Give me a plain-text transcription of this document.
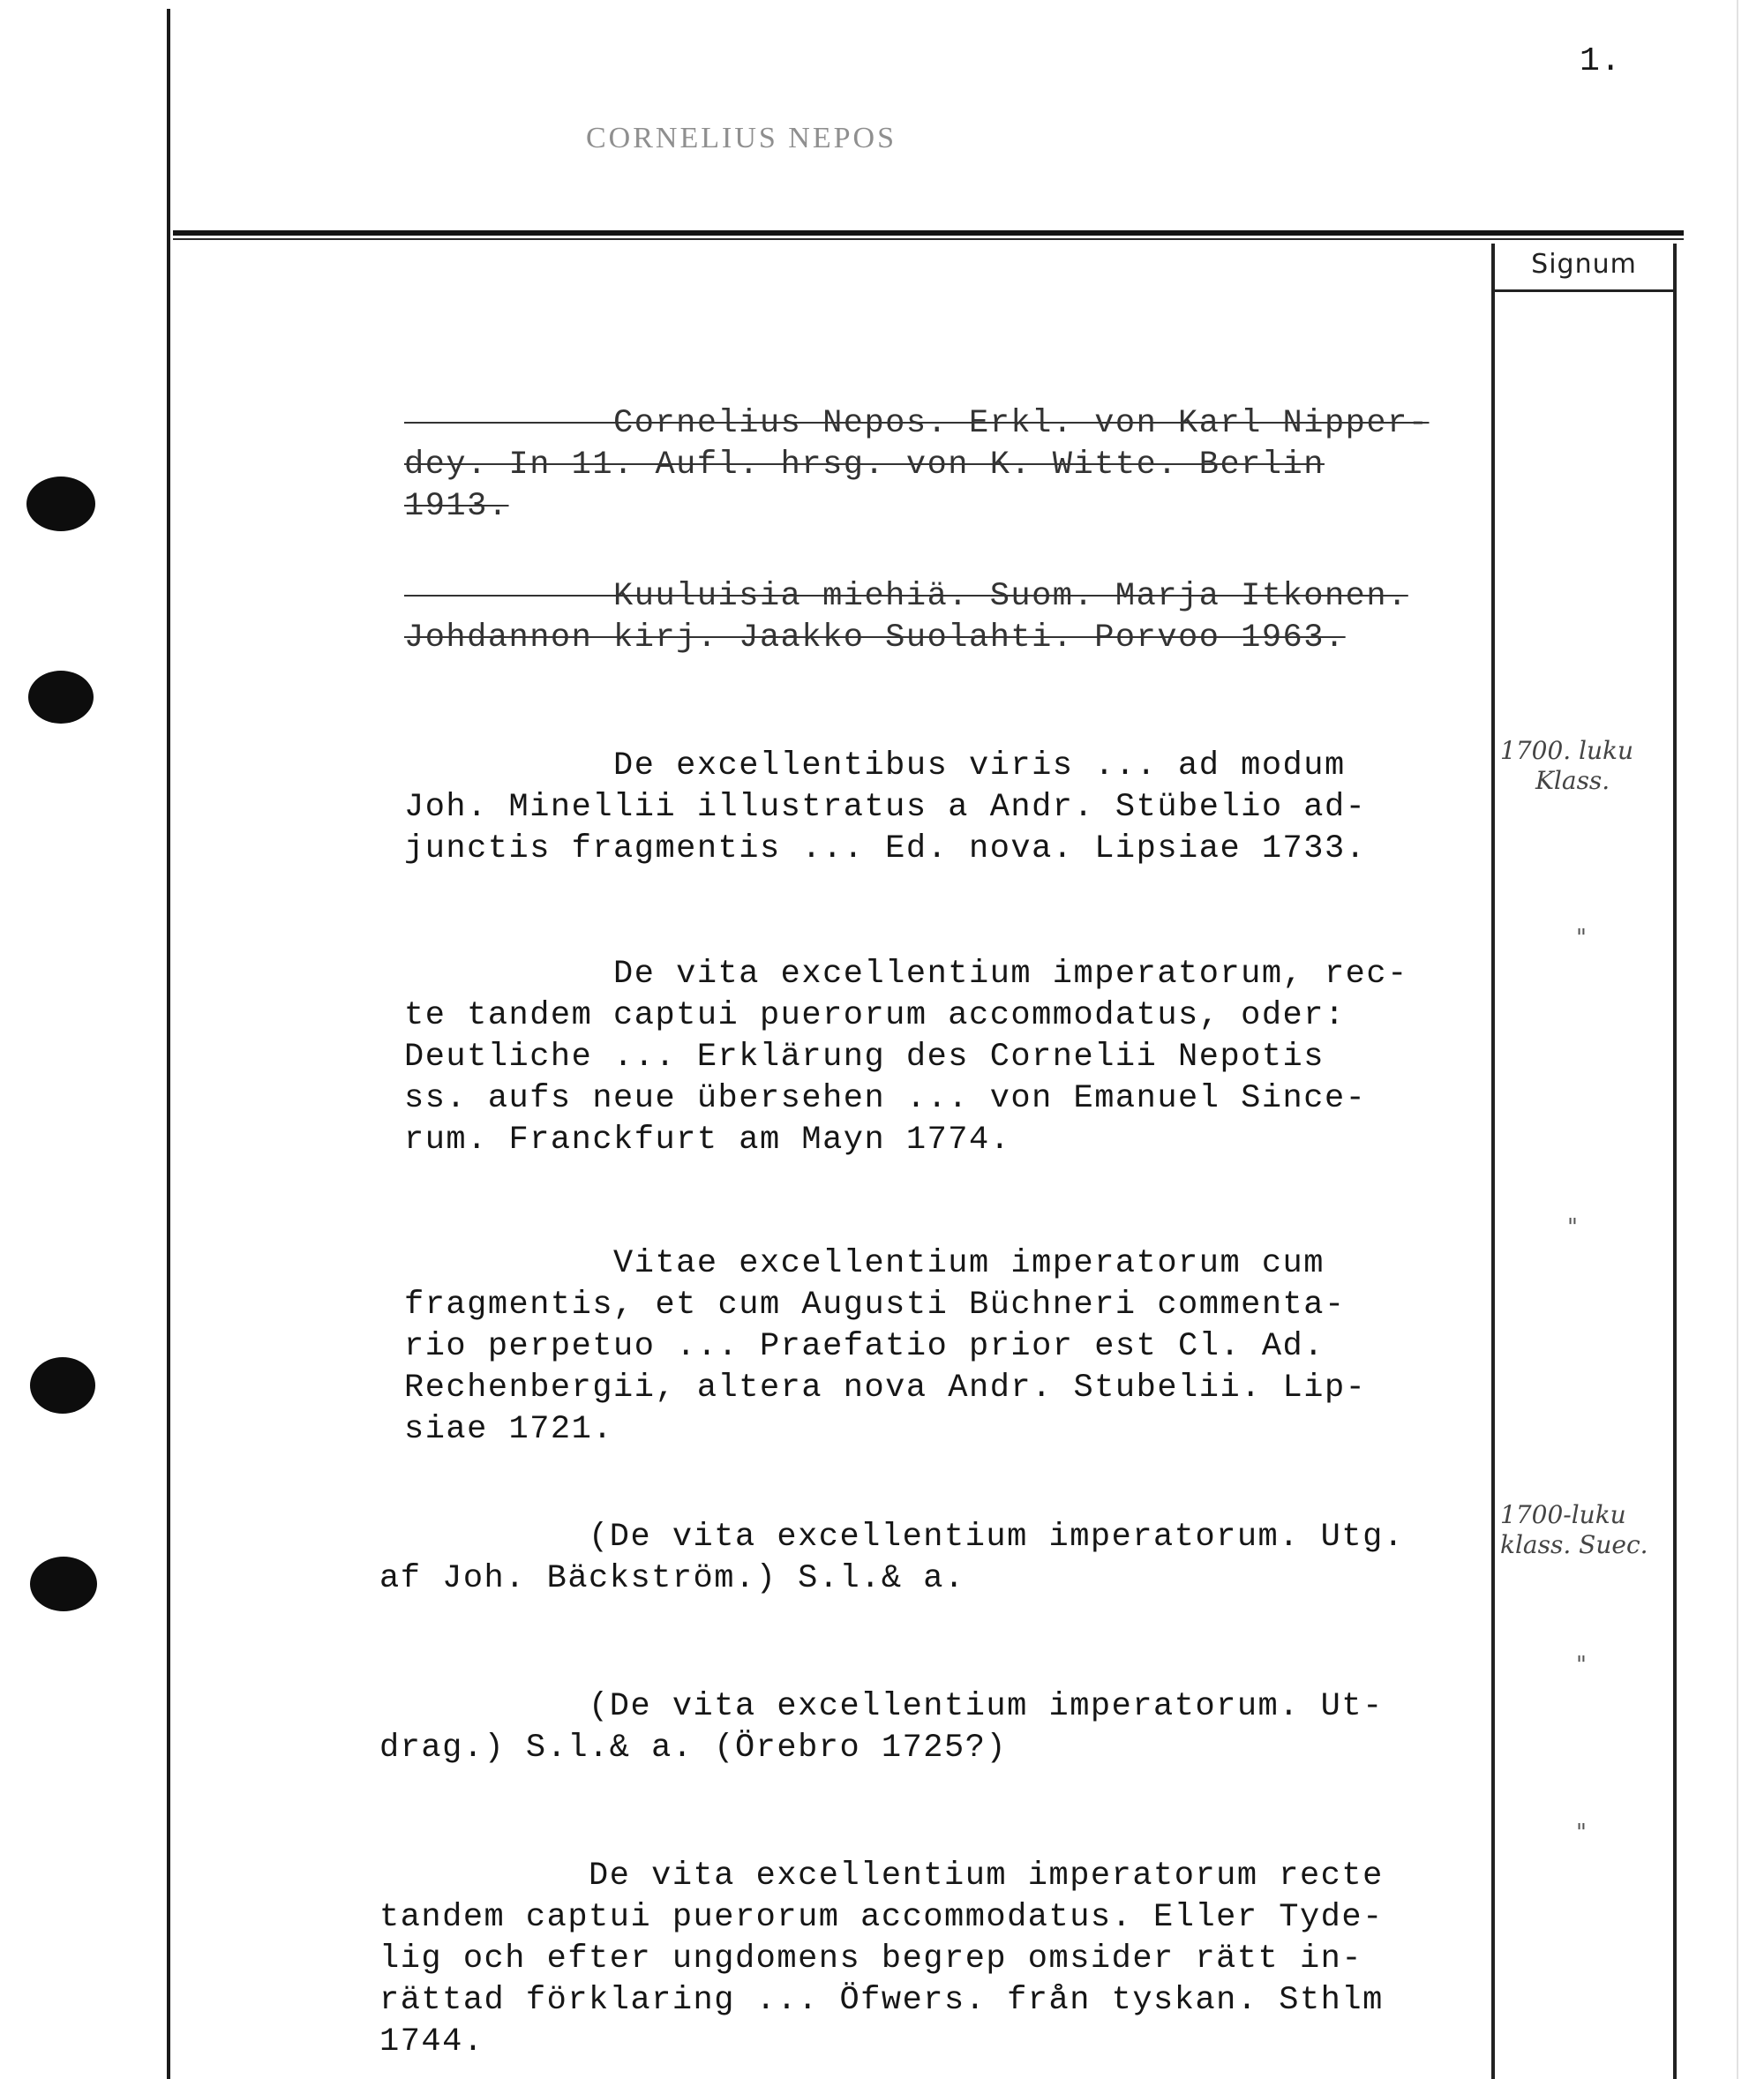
1.
CORNELIUS NEPOS
Signum

Cornelius Nepos. Erkl. von Karl Nipper-
dey. In 11. Aufl. hrsg. von K. Witte. Berlin
1913.

Kuuluisia miehiä. Suom. Marja Itkonen.
Johdannon kirj. Jaakko Suolahti. Porvoo 1963.

De excellentibus viris ... ad modum
Joh. Minellii illustratus a Andr. Stübelio ad-
junctis fragmentis ... Ed. nova. Lipsiae 1733.

De vita excellentium imperatorum, rec-
te tandem captui puerorum accommodatus, oder:
Deutliche ... Erklärung des Cornelii Nepotis
ss. aufs neue übersehen ... von Emanuel Since-
rum. Franckfurt am Mayn 1774.

Vitae excellentium imperatorum cum
fragmentis, et cum Augusti Büchneri commenta-
rio perpetuo ... Praefatio prior est Cl. Ad.
Rechenbergii, altera nova Andr. Stubelii. Lip-
siae 1721.

(De vita excellentium imperatorum. Utg.
af Joh. Bäckström.) S.l.& a.

(De vita excellentium imperatorum. Ut-
drag.) S.l.& a. (Örebro 1725?)

De vita excellentium imperatorum recte
tandem captui puerorum accommodatus. Eller Tyde-
lig och efter ungdomens begrep omsider rätt in-
rättad förklaring ... Öfwers. från tyskan. Sthlm
1744.

1700. luku
Klass.

"
"

1700-luku
klass. Suec.

"
"
